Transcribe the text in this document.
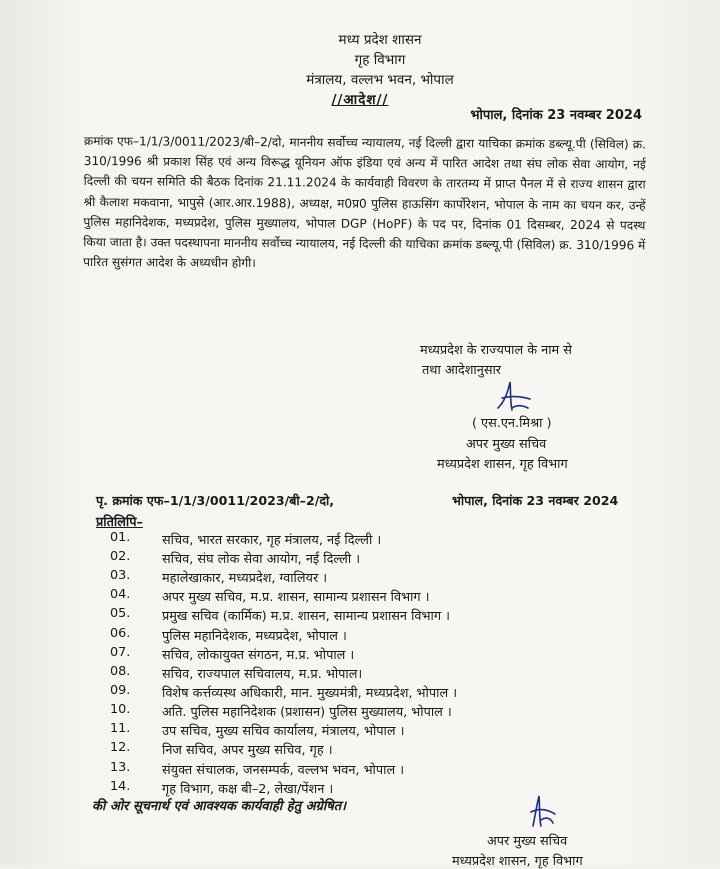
मध्य प्रदेश शासन
गृह विभाग
मंत्रालय, वल्लभ भवन, भोपाल
//आदेश//
भोपाल, दिनांक 23 नवम्बर 2024
क्रमांक एफ–1/1/3/0011/2023/बी–2/दो, माननीय सर्वोच्च न्यायालय, नई दिल्ली द्वारा याचिका क्रमांक डब्ल्यू.पी (सिविल) क्र. 310/1996 श्री प्रकाश सिंह एवं अन्य विरूद्ध यूनियन ऑफ इंडिया एवं अन्य में पारित आदेश तथा संघ लोक सेवा आयोग, नई दिल्ली की चयन समिति की बैठक दिनांक 21.11.2024 के कार्यवाही विवरण के तारतम्य में प्राप्त पैनल में से राज्य शासन द्वारा श्री कैलाश मकवाना, भापुसे (आर.आर.1988), अध्यक्ष, म0प्र0 पुलिस हाऊसिंग कार्पोरेशन, भोपाल के नाम का चयन कर, उन्हें पुलिस महानिदेशक, मध्यप्रदेश, पुलिस मुख्यालय, भोपाल DGP (HoPF) के पद पर, दिनांक 01 दिसम्बर, 2024 से पदस्थ किया जाता है। उक्त पदस्थापना माननीय सर्वोच्च न्यायालय, नई दिल्ली की याचिका क्रमांक डब्ल्यू.पी (सिविल) क्र. 310/1996 में पारित सुसंगत आदेश के अध्यधीन होगी।
मध्यप्रदेश के राज्यपाल के नाम से
तथा आदेशानुसार
( एस.एन.मिश्रा )
अपर मुख्य सचिव
मध्यप्रदेश शासन, गृह विभाग
पृ. क्रमांक एफ–1/1/3/0011/2023/बी–2/दो,	भोपाल, दिनांक 23 नवम्बर 2024
प्रतिलिपि–
01.	सचिव, भारत सरकार, गृह मंत्रालय, नई दिल्ली ।
02.	सचिव, संघ लोक सेवा आयोग, नई दिल्ली ।
03.	महालेखाकार, मध्यप्रदेश, ग्वालियर ।
04.	अपर मुख्य सचिव, म.प्र. शासन, सामान्य प्रशासन विभाग ।
05.	प्रमुख सचिव (कार्मिक) म.प्र. शासन, सामान्य प्रशासन विभाग ।
06.	पुलिस महानिदेशक, मध्यप्रदेश, भोपाल ।
07.	सचिव, लोकायुक्त संगठन, म.प्र. भोपाल ।
08.	सचिव, राज्यपाल सचिवालय, म.प्र. भोपाल।
09.	विशेष कर्त्तव्यस्थ अधिकारी, मान. मुख्यमंत्री, मध्यप्रदेश, भोपाल ।
10.	अति. पुलिस महानिदेशक (प्रशासन) पुलिस मुख्यालय, भोपाल ।
11.	उप सचिव, मुख्य सचिव कार्यालय, मंत्रालय, भोपाल ।
12.	निज सचिव, अपर मुख्य सचिव, गृह ।
13.	संयुक्त संचालक, जनसम्पर्क, वल्लभ भवन, भोपाल ।
14.	गृह विभाग, कक्ष बी–2, लेखा/पेंशन ।
की ओर सूचनार्थ एवं आवश्यक कार्यवाही हेतु अग्रेषित।
अपर मुख्य सचिव
मध्यप्रदेश शासन, गृह विभाग
